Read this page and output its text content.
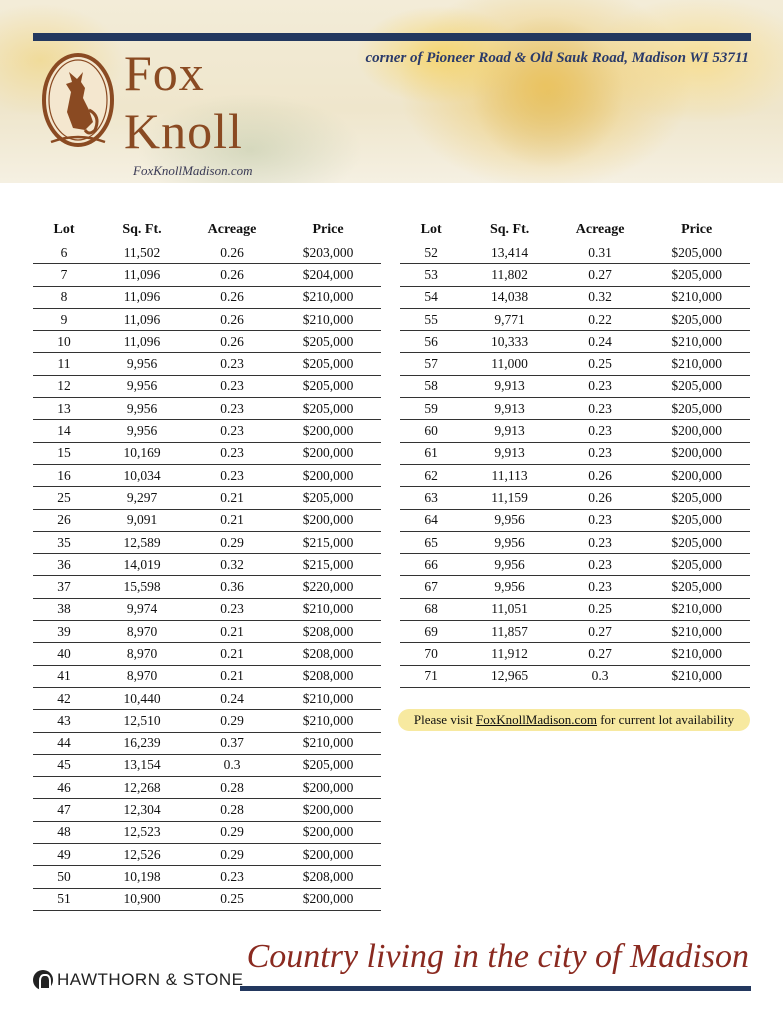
corner of Pioneer Road & Old Sauk Road, Madison WI 53711
Fox
Knoll
FoxKnollMadison.com
Lot	Sq. Ft.	Acreage	Price
6	11,502	0.26	$203,000
7	11,096	0.26	$204,000
8	11,096	0.26	$210,000
9	11,096	0.26	$210,000
10	11,096	0.26	$205,000
11	9,956	0.23	$205,000
12	9,956	0.23	$205,000
13	9,956	0.23	$205,000
14	9,956	0.23	$200,000
15	10,169	0.23	$200,000
16	10,034	0.23	$200,000
25	9,297	0.21	$205,000
26	9,091	0.21	$200,000
35	12,589	0.29	$215,000
36	14,019	0.32	$215,000
37	15,598	0.36	$220,000
38	9,974	0.23	$210,000
39	8,970	0.21	$208,000
40	8,970	0.21	$208,000
41	8,970	0.21	$208,000
42	10,440	0.24	$210,000
43	12,510	0.29	$210,000
44	16,239	0.37	$210,000
45	13,154	0.3	$205,000
46	12,268	0.28	$200,000
47	12,304	0.28	$200,000
48	12,523	0.29	$200,000
49	12,526	0.29	$200,000
50	10,198	0.23	$208,000
51	10,900	0.25	$200,000
Lot	Sq. Ft.	Acreage	Price
52	13,414	0.31	$205,000
53	11,802	0.27	$205,000
54	14,038	0.32	$210,000
55	9,771	0.22	$205,000
56	10,333	0.24	$210,000
57	11,000	0.25	$210,000
58	9,913	0.23	$205,000
59	9,913	0.23	$205,000
60	9,913	0.23	$200,000
61	9,913	0.23	$200,000
62	11,113	0.26	$200,000
63	11,159	0.26	$205,000
64	9,956	0.23	$205,000
65	9,956	0.23	$205,000
66	9,956	0.23	$205,000
67	9,956	0.23	$205,000
68	11,051	0.25	$210,000
69	11,857	0.27	$210,000
70	11,912	0.27	$210,000
71	12,965	0.3	$210,000
Please visit FoxKnollMadison.com for current lot availability
Country living in the city of Madison
HAWTHORN & STONE
